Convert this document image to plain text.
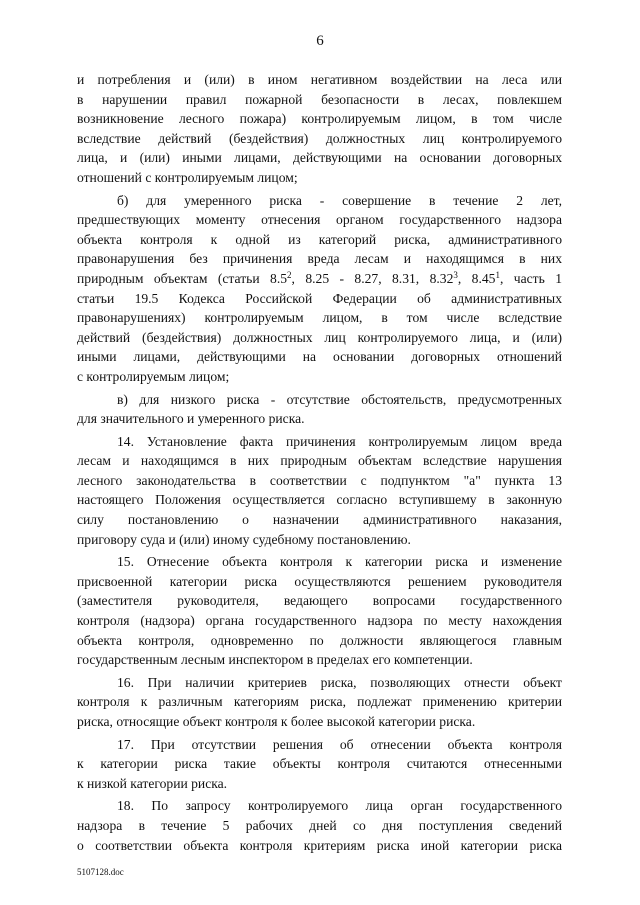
6
и потребления и (или) в ином негативном воздействии на леса или
в нарушении правил пожарной безопасности в лесах, повлекшем
возникновение лесного пожара) контролируемым лицом, в том числе
вследствие действий (бездействия) должностных лиц контролируемого
лица, и (или) иными лицами, действующими на основании договорных
отношений с контролируемым лицом;
б) для умеренного риска - совершение в течение 2 лет,
предшествующих моменту отнесения органом государственного надзора
объекта контроля к одной из категорий риска, административного
правонарушения без причинения вреда лесам и находящимся в них
природным объектам (статьи $8.5^2$, 8.25 - 8.27, 8.31, 8.32$^3$, 8.45$^1$, часть 1
статьи 19.5 Кодекса Российской Федерации об административных
правонарушениях) контролируемым лицом, в том числе вследствие
действий (бездействия) должностных лиц контролируемого лица, и (или)
иными лицами, действующими на основании договорных отношений
с контролируемым лицом;
в) для низкого риска - отсутствие обстоятельств, предусмотренных
для значительного и умеренного риска.
14. Установление факта причинения контролируемым лицом вреда
лесам и находящимся в них природным объектам вследствие нарушения
лесного законодательства в соответствии с подпунктом "а" пункта 13
настоящего Положения осуществляется согласно вступившему в законную
силу постановлению о назначении административного наказания,
приговору суда и (или) иному судебному постановлению.
15. Отнесение объекта контроля к категории риска и изменение
присвоенной категории риска осуществляются решением руководителя
(заместителя руководителя, ведающего вопросами государственного
контроля (надзора) органа государственного надзора по месту нахождения
объекта контроля, одновременно по должности являющегося главным
государственным лесным инспектором в пределах его компетенции.
16. При наличии критериев риска, позволяющих отнести объект
контроля к различным категориям риска, подлежат применению критерии
риска, относящие объект контроля к более высокой категории риска.
17. При отсутствии решения об отнесении объекта контроля
к категории риска такие объекты контроля считаются отнесенными
к низкой категории риска.
18. По запросу контролируемого лица орган государственного
надзора в течение 5 рабочих дней со дня поступления сведений
о соответствии объекта контроля критериям риска иной категории риска
5107128.doc
